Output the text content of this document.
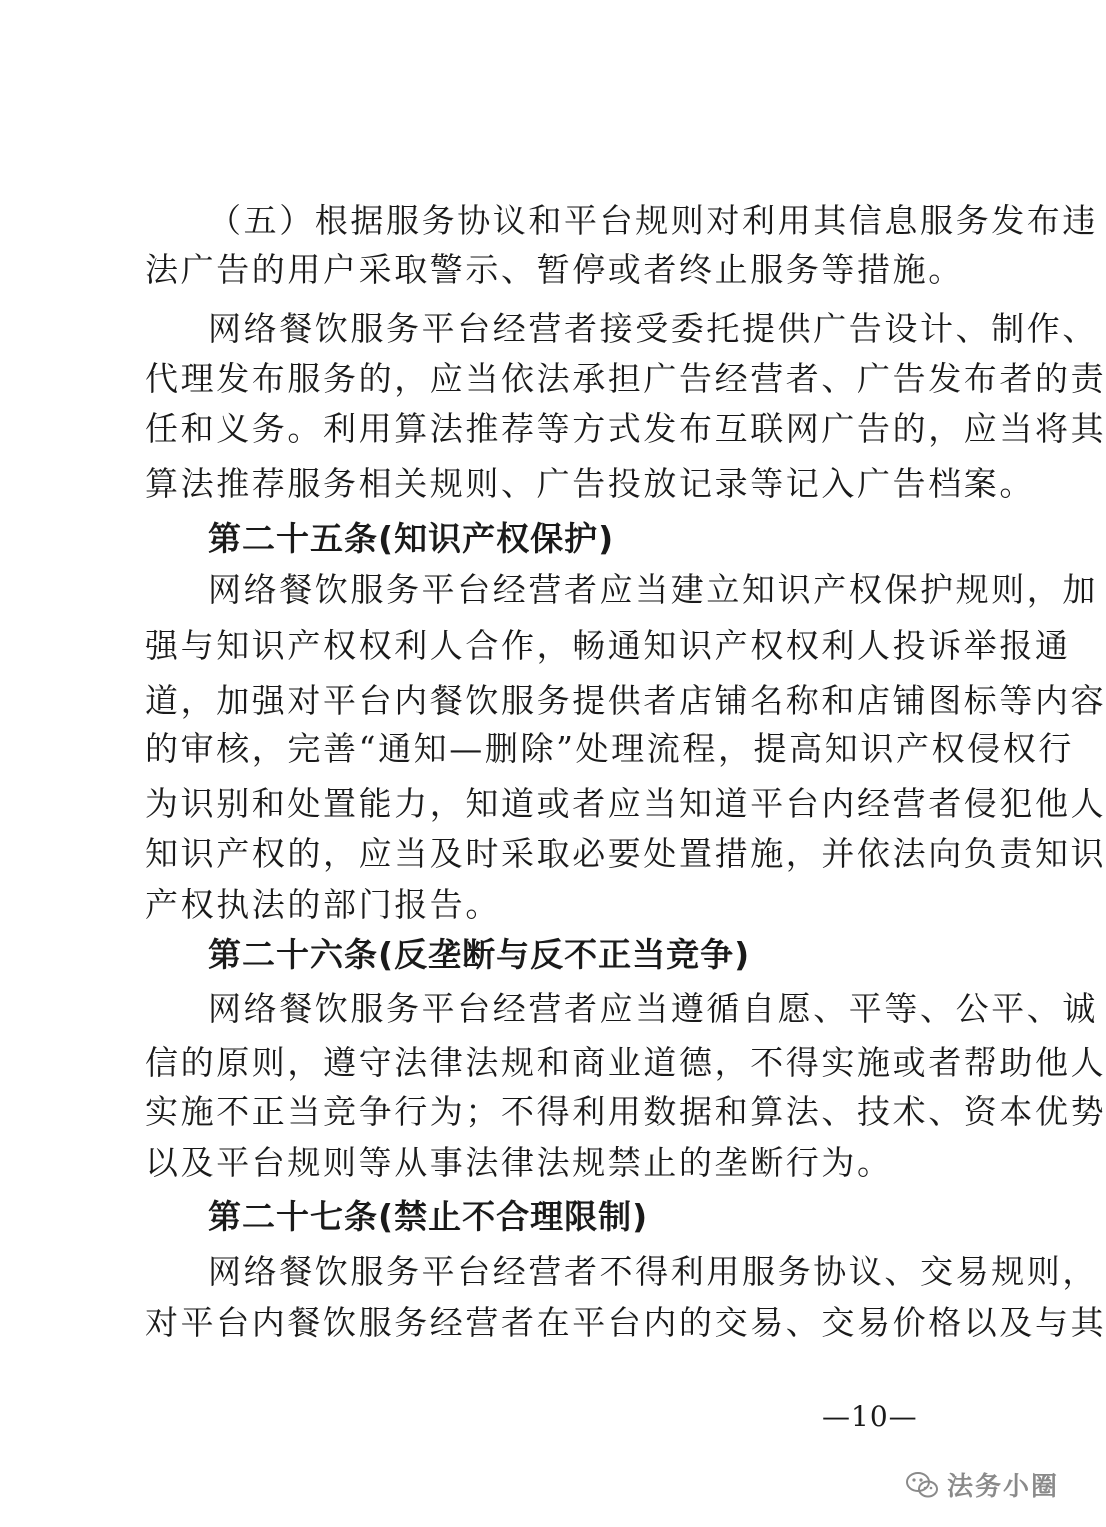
（五）根据服务协议和平台规则对利用其信息服务发布违
法广告的用户采取警示、暂停或者终止服务等措施。
网络餐饮服务平台经营者接受委托提供广告设计、制作、
代理发布服务的，应当依法承担广告经营者、广告发布者的责
任和义务。利用算法推荐等方式发布互联网广告的，应当将其
算法推荐服务相关规则、广告投放记录等记入广告档案。
第二十五条(知识产权保护)
网络餐饮服务平台经营者应当建立知识产权保护规则，加
强与知识产权权利人合作，畅通知识产权权利人投诉举报通
道，加强对平台内餐饮服务提供者店铺名称和店铺图标等内容
的审核，完善“通知—删除”处理流程，提高知识产权侵权行
为识别和处置能力，知道或者应当知道平台内经营者侵犯他人
知识产权的，应当及时采取必要处置措施，并依法向负责知识
产权执法的部门报告。
第二十六条(反垄断与反不正当竞争)
网络餐饮服务平台经营者应当遵循自愿、平等、公平、诚
信的原则，遵守法律法规和商业道德，不得实施或者帮助他人
实施不正当竞争行为；不得利用数据和算法、技术、资本优势
以及平台规则等从事法律法规禁止的垄断行为。
第二十七条(禁止不合理限制)
网络餐饮服务平台经营者不得利用服务协议、交易规则，
对平台内餐饮服务经营者在平台内的交易、交易价格以及与其
—10—
法务小圈
